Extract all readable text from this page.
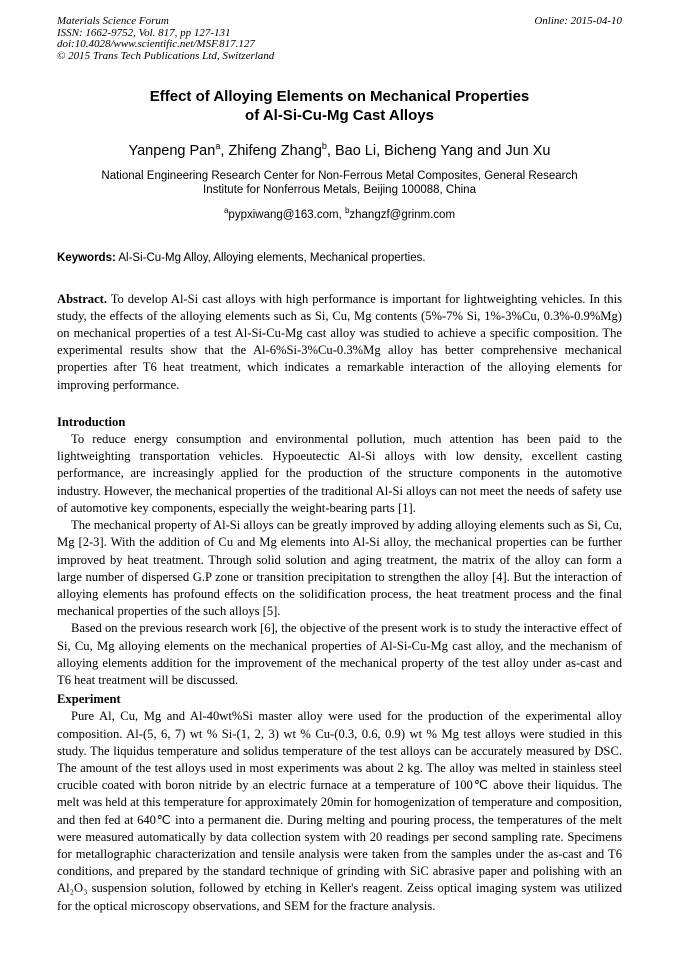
Materials Science Forum
ISSN: 1662-9752, Vol. 817, pp 127-131
doi:10.4028/www.scientific.net/MSF.817.127
© 2015 Trans Tech Publications Ltd, Switzerland
Online: 2015-04-10
Effect of Alloying Elements on Mechanical Properties
of Al-Si-Cu-Mg Cast Alloys
Yanpeng Pan$^a$, Zhifeng Zhang$^b$, Bao Li, Bicheng Yang and Jun Xu
National Engineering Research Center for Non-Ferrous Metal Composites, General Research
Institute for Nonferrous Metals, Beijing 100088, China
$^a$pypxiwang@163.com, $^b$zhangzf@grinm.com
Keywords: Al-Si-Cu-Mg Alloy, Alloying elements, Mechanical properties.

Abstract. To develop Al-Si cast alloys with high performance is important for lightweighting vehicles. In this study, the effects of the alloying elements such as Si, Cu, Mg contents (5%-7% Si, 1%-3%Cu, 0.3%-0.9%Mg) on mechanical properties of a test Al-Si-Cu-Mg cast alloy was studied to achieve a specific composition. The experimental results show that the Al-6%Si-3%Cu-0.3%Mg alloy has better comprehensive mechanical properties after T6 heat treatment, which indicates a remarkable interaction of the alloying elements for improving performance.

Introduction

To reduce energy consumption and environmental pollution, much attention has been paid to the lightweighting transportation vehicles. Hypoeutectic Al-Si alloys with low density, excellent casting performance, are increasingly applied for the production of the structure components in the automotive industry. However, the mechanical properties of the traditional Al-Si alloys can not meet the needs of safety use of automotive key components, especially the weight-bearing parts [1].

The mechanical property of Al-Si alloys can be greatly improved by adding alloying elements such as Si, Cu, Mg [2-3]. With the addition of Cu and Mg elements into Al-Si alloy, the mechanical properties can be further improved by heat treatment. Through solid solution and aging treatment, the matrix of the alloy can form a large number of dispersed G.P zone or transition precipitation to strengthen the alloy [4]. But the interaction of alloying elements has profound effects on the solidification process, the heat treatment process and the final mechanical properties of the such alloys [5].

Based on the previous research work [6], the objective of the present work is to study the interactive effect of Si, Cu, Mg alloying elements on the mechanical properties of Al-Si-Cu-Mg cast alloy, and the mechanism of alloying elements addition for the improvement of the mechanical property of the test alloy under as-cast and T6 heat treatment will be discussed.

Experiment

Pure Al, Cu, Mg and Al-40wt%Si master alloy were used for the production of the experimental alloy composition. Al-(5, 6, 7) wt % Si-(1, 2, 3) wt % Cu-(0.3, 0.6, 0.9) wt % Mg test alloys were studied in this study. The liquidus temperature and solidus temperature of the test alloys can be accurately measured by DSC. The amount of the test alloys used in most experiments was about 2 kg. The alloy was melted in stainless steel crucible coated with boron nitride by an electric furnace at a temperature of 100℃ above their liquidus. The melt was held at this temperature for approximately 20min for homogenization of temperature and composition, and then fed at 640℃ into a permanent die. During melting and pouring process, the temperatures of the melt were measured automatically by data collection system with 20 readings per second sampling rate. Specimens for metallographic characterization and tensile analysis were taken from the samples under the as-cast and T6 conditions, and prepared by the standard technique of grinding with SiC abrasive paper and polishing with an Al₂O₃ suspension solution, followed by etching in Keller's reagent. Zeiss optical imaging system was utilized for the optical microscopy observations, and SEM for the fracture analysis.
